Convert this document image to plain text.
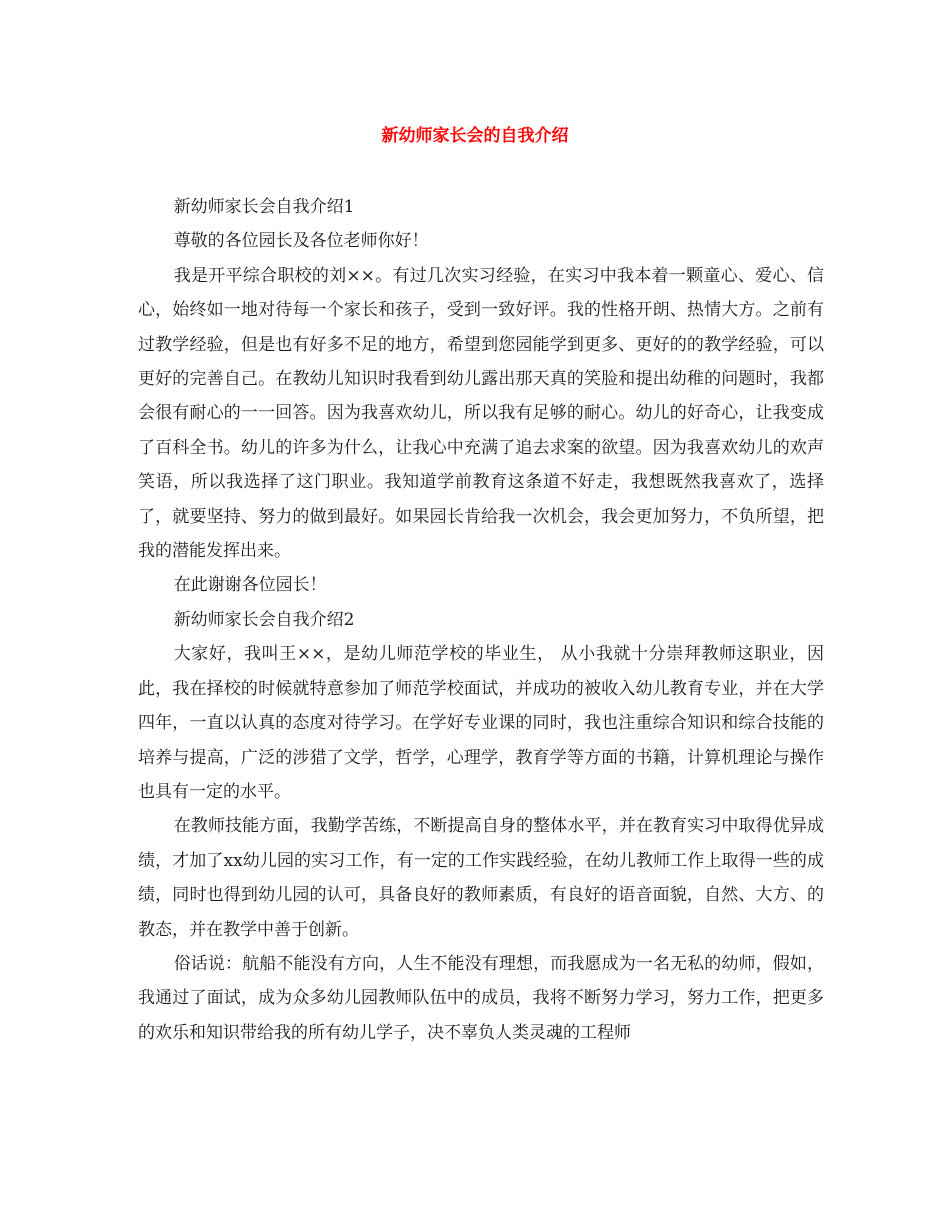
新幼师家长会的自我介绍

新幼师家长会自我介绍1

尊敬的各位园长及各位老师你好！

我是开平综合职校的刘××。有过几次实习经验，在实习中我本着一颗童心、爱心、信心，始终如一地对待每一个家长和孩子，受到一致好评。我的性格开朗、热情大方。之前有过教学经验，但是也有好多不足的地方，希望到您园能学到更多、更好的的教学经验，可以更好的完善自己。在教幼儿知识时我看到幼儿露出那天真的笑脸和提出幼稚的问题时，我都会很有耐心的一一回答。因为我喜欢幼儿，所以我有足够的耐心。幼儿的好奇心，让我变成了百科全书。幼儿的许多为什么，让我心中充满了追去求案的欲望。因为我喜欢幼儿的欢声笑语，所以我选择了这门职业。我知道学前教育这条道不好走，我想既然我喜欢了，选择了，就要坚持、努力的做到最好。如果园长肯给我一次机会，我会更加努力，不负所望，把我的潜能发挥出来。

在此谢谢各位园长！

新幼师家长会自我介绍2

大家好，我叫王××，是幼儿师范学校的毕业生， 从小我就十分崇拜教师这职业，因此，我在择校的时候就特意参加了师范学校面试，并成功的被收入幼儿教育专业，并在大学四年，一直以认真的态度对待学习。在学好专业课的同时，我也注重综合知识和综合技能的培养与提高，广泛的涉猎了文学，哲学，心理学，教育学等方面的书籍，计算机理论与操作也具有一定的水平。

在教师技能方面，我勤学苦练，不断提高自身的整体水平，并在教育实习中取得优异成绩，才加了xx幼儿园的实习工作，有一定的工作实践经验，在幼儿教师工作上取得一些的成绩，同时也得到幼儿园的认可，具备良好的教师素质，有良好的语音面貌，自然、大方、的教态，并在教学中善于创新。

俗话说：航船不能没有方向，人生不能没有理想，而我愿成为一名无私的幼师，假如，我通过了面试，成为众多幼儿园教师队伍中的成员，我将不断努力学习，努力工作，把更多的欢乐和知识带给我的所有幼儿学子，决不辜负人类灵魂的工程师
